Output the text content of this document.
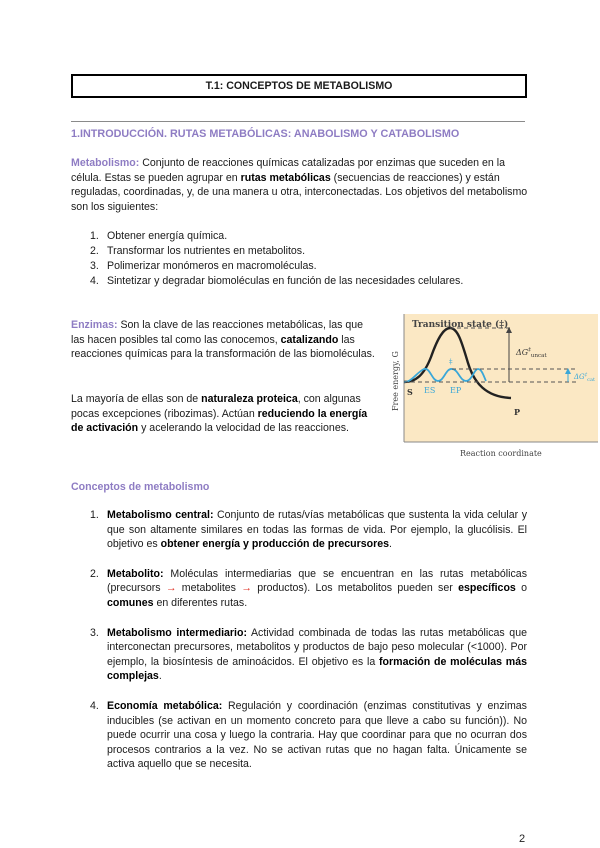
T.1: CONCEPTOS DE METABOLISMO
1.INTRODUCCIÓN. RUTAS METABÓLICAS: ANABOLISMO Y CATABOLISMO
Metabolismo: Conjunto de reacciones químicas catalizadas por enzimas que suceden en la célula. Estas se pueden agrupar en rutas metabólicas (secuencias de reacciones) y están reguladas, coordinadas, y, de una manera u otra, interconectadas. Los objetivos del metabolismo son los siguientes:
1. Obtener energía química.
2. Transformar los nutrientes en metabolitos.
3. Polimerizar monómeros en macromoléculas.
4. Sintetizar y degradar biomoléculas en función de las necesidades celulares.
Enzimas: Son la clave de las reacciones metabólicas, las que las hacen posibles tal como las conocemos, catalizando las reacciones químicas para la transformación de las biomoléculas.
La mayoría de ellas son de naturaleza proteica, con algunas pocas excepciones (ribozimas). Actúan reduciendo la energía de activación y acelerando la velocidad de las reacciones.
Transition state (‡)
$\Delta G^\ddagger_{uncat}$
$\Delta G^\ddagger_{cat}$
‡
ES EP
S
P
Reaction coordinate
Free energy, G
Conceptos de metabolismo
1. Metabolismo central: Conjunto de rutas/vías metabólicas que sustenta la vida celular y que son altamente similares en todas las formas de vida. Por ejemplo, la glucólisis. El objetivo es obtener energía y producción de precursores.
2. Metabolito: Moléculas intermediarias que se encuentran en las rutas metabólicas (precursors → metabolites → productos). Los metabolitos pueden ser específicos o comunes en diferentes rutas.
3. Metabolismo intermediario: Actividad combinada de todas las rutas metabólicas que interconectan precursores, metabolitos y productos de bajo peso molecular (<1000). Por ejemplo, la biosíntesis de aminoácidos. El objetivo es la formación de moléculas más complejas.
4. Economía metabólica: Regulación y coordinación (enzimas constitutivas y enzimas inducibles (se activan en un momento concreto para que lleve a cabo su función)). No puede ocurrir una cosa y luego la contraria. Hay que coordinar para que no ocurran dos procesos contrarios a la vez. No se activan rutas que no hagan falta. Únicamente se activa aquello que se necesita.
2
